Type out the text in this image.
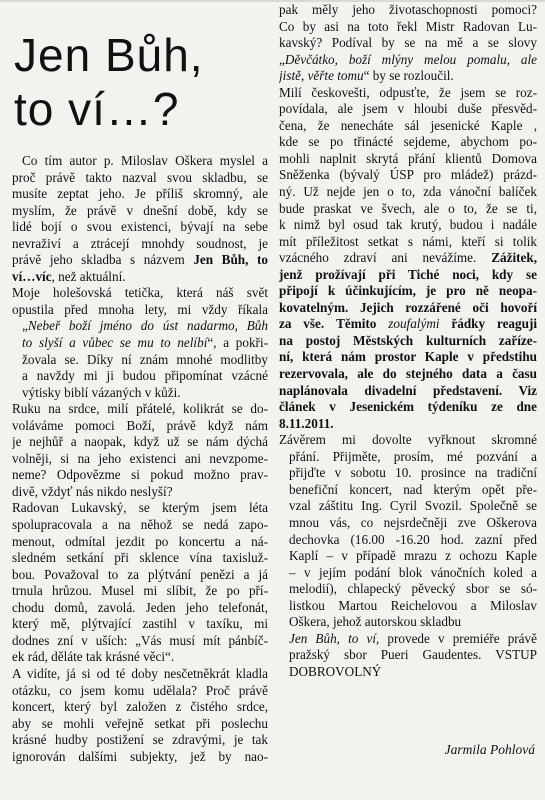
Jen Bůh,
to ví…?
Co tím autor p. Miloslav Oškera myslel a
proč právě takto nazval svou skladbu, se
musíte zeptat jeho. Je příliš skromný, ale
myslím, že právě v dnešní době, kdy se
lidé bojí o svou existenci, bývají na sebe
nevraživí a ztrácejí mnohdy soudnost, je
právě jeho skladba s názvem Jen Bůh, to
ví…víc, než aktuální.
Moje holešovská tetička, která náš svět
opustila před mnoha lety, mi vždy říkala
„Nebeř boží jméno do úst nadarmo, Bůh
to slyší a vůbec se mu to nelíbí“, a pokři-
žovala se. Díky ní znám mnohé modlitby
a navždy mi ji budou připomínat vzácné
výtisky biblí vázaných v kůži.
Ruku na srdce, milí přátelé, kolikrát se do-
voláváme pomoci Boží, právě když nám
je nejhůř a naopak, když už se nám dýchá
volněji, si na jeho existenci ani nevzpome-
neme? Odpovězme si pokud možno prav-
divě, vždyť nás nikdo neslyší?
Radovan Lukavský, se kterým jsem léta
spolupracovala a na něhož se nedá zapo-
menout, odmítal jezdit po koncertu a ná-
sledném setkání při sklence vína taxisluž-
bou. Považoval to za plýtvání penězi a já
trnula hrůzou. Musel mi slíbit, že po pří-
chodu domů, zavolá. Jeden jeho telefonát,
který mě, plýtvající zastihl v taxíku, mi
dodnes zní v uších: „Vás musí mít pánbíč-
ek rád, děláte tak krásné věci“.
A vidíte, já si od té doby nesčetněkrát kladla
otázku, co jsem komu udělala? Proč právě
koncert, který byl založen z čistého srdce,
aby se mohli veřejně setkat při poslechu
krásné hudby postižení se zdravými, je tak
ignorován dalšími subjekty, jež by nao-
pak měly jeho životaschopnosti pomoci?
Co by asi na toto řekl Mistr Radovan Lu-
kavský? Podíval by se na mě a se slovy
„Děvčátko, boží mlýny melou pomalu, ale
jistě, věřte tomu“ by se rozloučil.
Milí českovešti, odpusťte, že jsem se roz-
povídala, ale jsem v hloubi duše přesvěd-
čena, že nenecháte sál jesenické Kaple ,
kde se po třinácté sejdeme, abychom po-
mohli naplnit skrytá přání klientů Domova
Sněženka (bývalý ÚSP pro mládež) prázd-
ný. Už nejde jen o to, zda vánoční balíček
bude praskat ve švech, ale o to, že se ti,
k nimž byl osud tak krutý, budou i nadále
mít příležitost setkat s námi, kteří si tolik
vzácného zdraví ani nevážíme. Zážitek,
jenž prožívají při Tiché noci, kdy se
připojí k účinkujícím, je pro ně neopa-
kovatelným. Jejich rozzářené oči hovoří
za vše. Těmito zoufalými řádky reaguji
na postoj Městských kulturních zaříze-
ní, která nám prostor Kaple v předstihu
rezervovala, ale do stejného data a času
naplánovala divadelní představení. Viz
článek v Jesenickém týdeníku ze dne
8.11.2011.
Závěrem mi dovolte vyřknout skromné
přání. Přijměte, prosím, mé pozvání a
přijďte v sobotu 10. prosince na tradiční
benefiční koncert, nad kterým opět pře-
vzal záštitu Ing. Cyril Svozil. Společně se
mnou vás, co nejsrdečněji zve Oškerova
dechovka (16.00 -16.20 hod. zazní před
Kaplí – v případě mrazu z ochozu Kaple
– v jejím podání blok vánočních koled a
melodií), chlapecký pěvecký sbor se só-
listkou Martou Reichelovou a Miloslav
Oškera, jehož autorskou skladbu
Jen Bůh, to ví, provede v premiéře právě
pražský sbor Pueri Gaudentes. VSTUP
DOBROVOLNÝ
Jarmila Pohlová
